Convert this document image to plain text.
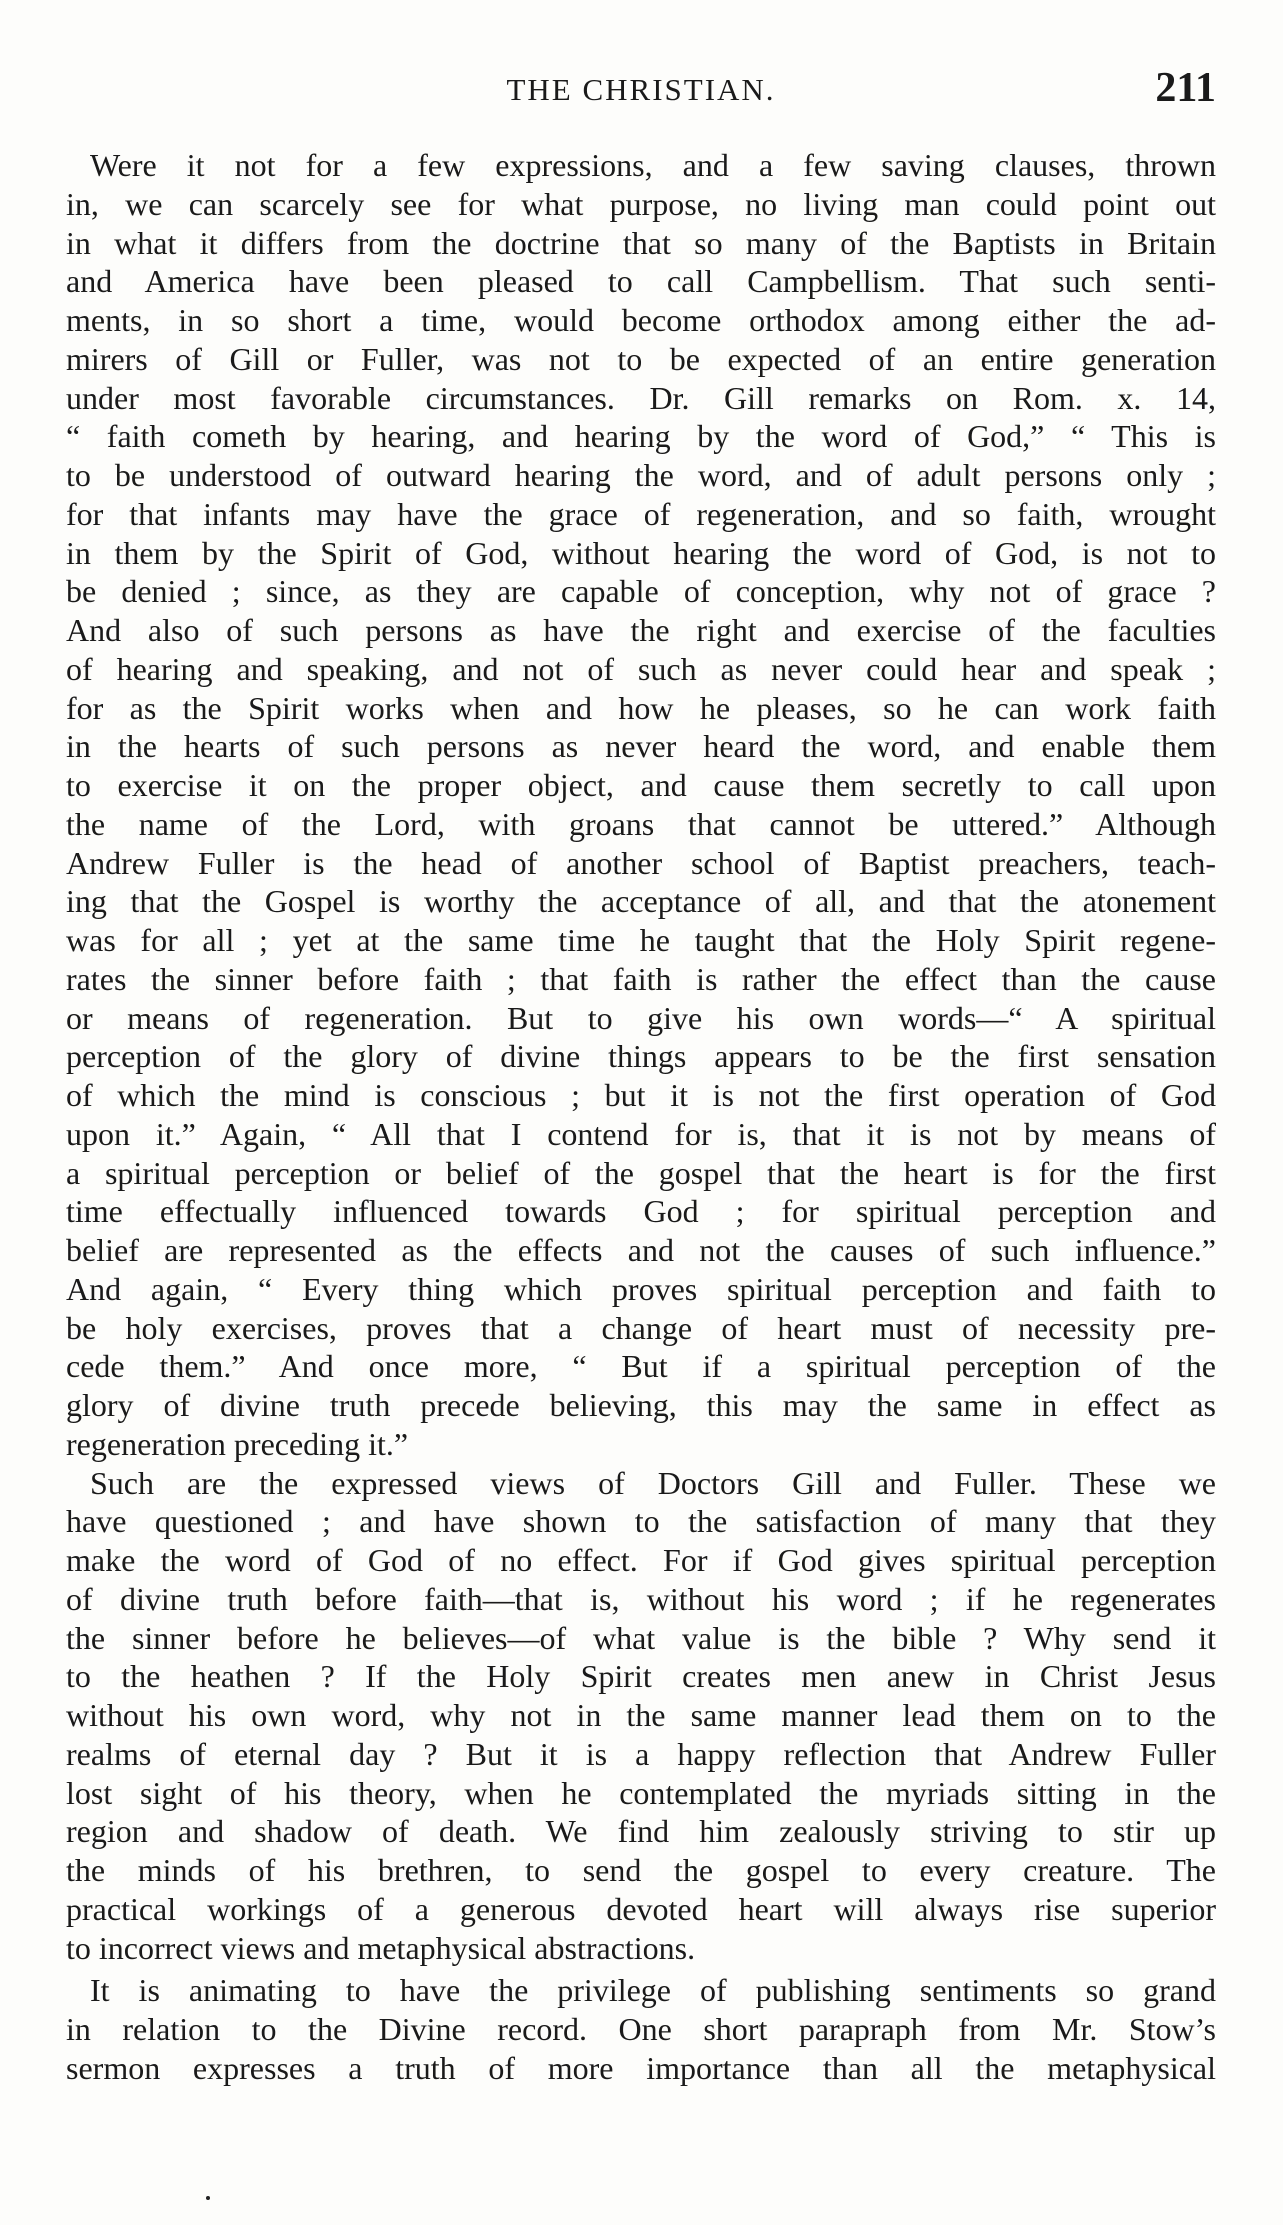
THE CHRISTIAN.	211
Were it not for a few expressions, and a few saving clauses, thrown
in, we can scarcely see for what purpose, no living man could point out
in what it differs from the doctrine that so many of the Baptists in Britain
and America have been pleased to call Campbellism. That such senti-
ments, in so short a time, would become orthodox among either the ad-
mirers of Gill or Fuller, was not to be expected of an entire generation
under most favorable circumstances. Dr. Gill remarks on Rom. x. 14,
“ faith cometh by hearing, and hearing by the word of God,” “ This is
to be understood of outward hearing the word, and of adult persons only ;
for that infants may have the grace of regeneration, and so faith, wrought
in them by the Spirit of God, without hearing the word of God, is not to
be denied ; since, as they are capable of conception, why not of grace ?
And also of such persons as have the right and exercise of the faculties
of hearing and speaking, and not of such as never could hear and speak ;
for as the Spirit works when and how he pleases, so he can work faith
in the hearts of such persons as never heard the word, and enable them
to exercise it on the proper object, and cause them secretly to call upon
the name of the Lord, with groans that cannot be uttered.” Although
Andrew Fuller is the head of another school of Baptist preachers, teach-
ing that the Gospel is worthy the acceptance of all, and that the atonement
was for all ; yet at the same time he taught that the Holy Spirit regene-
rates the sinner before faith ; that faith is rather the effect than the cause
or means of regeneration. But to give his own words—“ A spiritual
perception of the glory of divine things appears to be the first sensation
of which the mind is conscious ; but it is not the first operation of God
upon it.” Again, “ All that I contend for is, that it is not by means of
a spiritual perception or belief of the gospel that the heart is for the first
time effectually influenced towards God ; for spiritual perception and
belief are represented as the effects and not the causes of such influence.”
And again, “ Every thing which proves spiritual perception and faith to
be holy exercises, proves that a change of heart must of necessity pre-
cede them.” And once more, “ But if a spiritual perception of the
glory of divine truth precede believing, this may the same in effect as
regeneration preceding it.”
Such are the expressed views of Doctors Gill and Fuller. These we
have questioned ; and have shown to the satisfaction of many that they
make the word of God of no effect. For if God gives spiritual perception
of divine truth before faith—that is, without his word ; if he regenerates
the sinner before he believes—of what value is the bible ? Why send it
to the heathen ? If the Holy Spirit creates men anew in Christ Jesus
without his own word, why not in the same manner lead them on to the
realms of eternal day ? But it is a happy reflection that Andrew Fuller
lost sight of his theory, when he contemplated the myriads sitting in the
region and shadow of death. We find him zealously striving to stir up
the minds of his brethren, to send the gospel to every creature. The
practical workings of a generous devoted heart will always rise superior
to incorrect views and metaphysical abstractions.
It is animating to have the privilege of publishing sentiments so grand
in relation to the Divine record. One short parapraph from Mr. Stow’s
sermon expresses a truth of more importance than all the metaphysical
